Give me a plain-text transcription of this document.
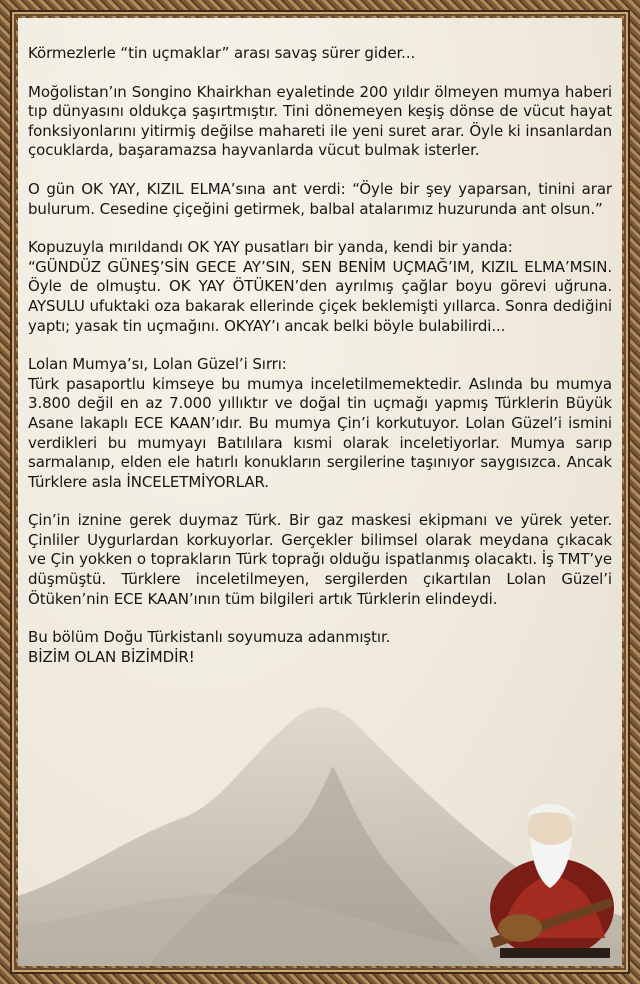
Körmezlerle “tin uçmaklar” arası savaş sürer gider...

Moğolistan’ın Songino Khairkhan eyaletinde 200 yıldır ölmeyen mumya haberi tıp dünyasını oldukça şaşırtmıştır. Tini dönemeyen keşiş dönse de vücut hayat fonksiyonlarını yitirmiş değilse mahareti ile yeni suret arar. Öyle ki insanlardan çocuklarda, başaramazsa hayvanlarda vücut bulmak isterler.

O gün OK YAY, KIZIL ELMA’sına ant verdi: “Öyle bir şey yaparsan, tinini arar bulurum. Cesedine çiçeğini getirmek, balbal atalarımız huzurunda ant olsun.”

Kopuzuyla mırıldandı OK YAY pusatları bir yanda, kendi bir yanda:
“GÜNDÜZ GÜNEŞ’SİN GECE AY’SIN, SEN BENİM UÇMAĞ’IM, KIZIL ELMA’MSIN. Öyle de olmuştu. OK YAY ÖTÜKEN’den ayrılmış çağlar boyu görevi uğruna. AYSULU ufuktaki oza bakarak ellerinde çiçek beklemişti yıllarca. Sonra dediğini yaptı; yasak tin uçmağını. OKYAY’ı ancak belki böyle bulabilirdi...

Lolan Mumya’sı, Lolan Güzel’i Sırrı:
Türk pasaportlu kimseye bu mumya inceletilmemektedir. Aslında bu mumya 3.800 değil en az 7.000 yıllıktır ve doğal tin uçmağı yapmış Türklerin Büyük Asane lakaplı ECE KAAN’ıdır. Bu mumya Çin’i korkutuyor. Lolan Güzel’i ismini verdikleri bu mumyayı Batılılara kısmi olarak inceletiyorlar. Mumya sarıp sarmalanıp, elden ele hatırlı konukların sergilerine taşınıyor saygısızca. Ancak Türklere asla İNCELETMİYORLAR.

Çin’in iznine gerek duymaz Türk. Bir gaz maskesi ekipmanı ve yürek yeter. Çinliler Uygurlardan korkuyorlar. Gerçekler bilimsel olarak meydana çıkacak ve Çin yokken o toprakların Türk toprağı olduğu ispatlanmış olacaktı. İş TMT’ye düşmüştü. Türklere inceletilmeyen, sergilerden çıkartılan Lolan Güzel’i Ötüken’nin ECE KAAN’ının tüm bilgileri artık Türklerin elindeydi.

Bu bölüm Doğu Türkistanlı soyumuza adanmıştır.
BİZİM OLAN BİZİMDİR!
